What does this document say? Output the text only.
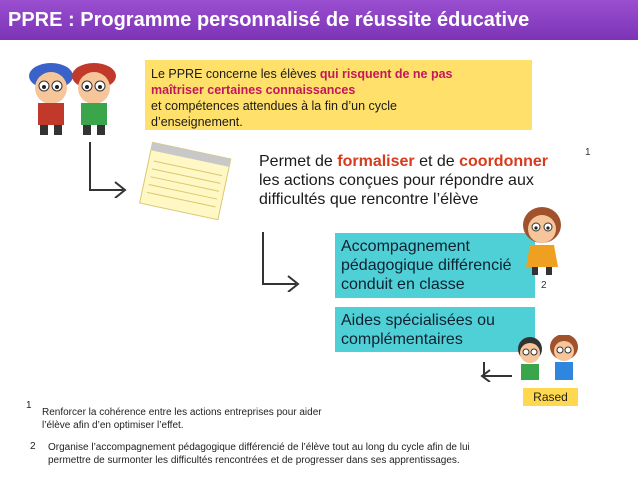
PPRE : Programme personnalisé de réussite éducative
Le PPRE concerne les élèves qui risquent de ne pas
maîtriser certaines connaissances
et compétences attendues à la fin d’un cycle
d’enseignement.
Permet de formaliser et de coordonner
les actions conçues pour répondre aux
difficultés que rencontre l’élève
1
Accompagnement
pédagogique différencié
conduit en classe	2
Aides spécialisées ou
complémentaires
Rased
1
Renforcer la cohérence entre les actions entreprises pour aider
l’élève afin d’en optimiser l’effet.
2 Organise l’accompagnement pédagogique différencié de l’élève tout au long du cycle afin de lui
permettre de surmonter les difficultés rencontrées et de progresser dans ses apprentissages.
